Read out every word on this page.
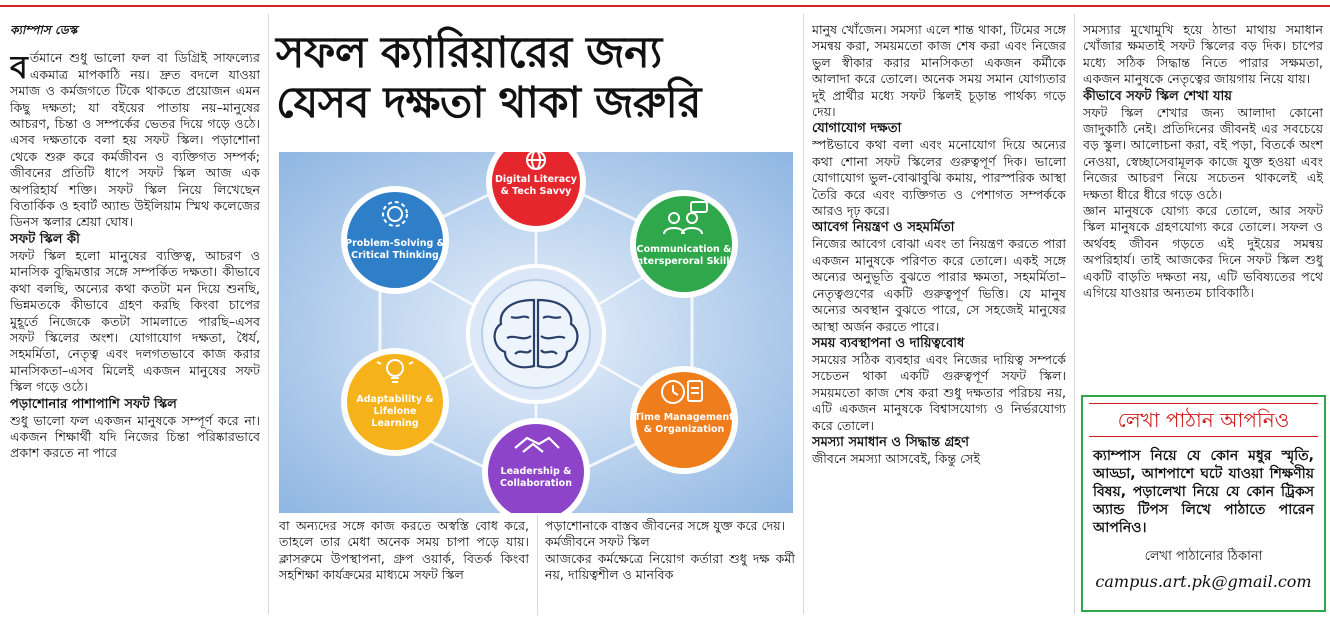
ক্যাম্পাস ডেস্ক

বর্তমানে শুধু ভালো ফল বা ডিগ্রিই সাফল্যের একমাত্র মাপকাঠি নয়। দ্রুত বদলে যাওয়া সমাজ ও কর্মজগতে টিকে থাকতে প্রয়োজন এমন কিছু দক্ষতা; যা বইয়ের পাতায় নয়–মানুষের আচরণ, চিন্তা ও সম্পর্কের ভেতর দিয়ে গড়ে ওঠে। এসব দক্ষতাকে বলা হয় সফট স্কিল। পড়াশোনা থেকে শুরু করে কর্মজীবন ও ব্যক্তিগত সম্পর্ক; জীবনের প্রতিটি ধাপে সফট স্কিল আজ এক অপরিহার্য শক্তি। সফট স্কিল নিয়ে লিখেছেন বিতার্কিক ও হবার্ট অ্যান্ড উইলিয়াম স্মিথ কলেজের ডিনস স্কলার শ্রেয়া ঘোষ।

সফট স্কিল কী

সফট স্কিল হলো মানুষের ব্যক্তিত্ব, আচরণ ও মানসিক বুদ্ধিমত্তার সঙ্গে সম্পর্কিত দক্ষতা। কীভাবে কথা বলছি, অন্যের কথা কতটা মন দিয়ে শুনছি, ভিন্নমতকে কীভাবে গ্রহণ করছি কিংবা চাপের মুহূর্তে নিজেকে কতটা সামলাতে পারছি–এসব সফট স্কিলের অংশ। যোগাযোগ দক্ষতা, ধৈর্য, সহমর্মিতা, নেতৃত্ব এবং দলগতভাবে কাজ করার মানসিকতা–এসব মিলেই একজন মানুষের সফট স্কিল গড়ে ওঠে।

পড়াশোনার পাশাপাশি সফট স্কিল

শুধু ভালো ফল একজন মানুষকে সম্পূর্ণ করে না। একজন শিক্ষার্থী যদি নিজের চিন্তা পরিষ্কারভাবে প্রকাশ করতে না পারে

সফল ক্যারিয়ারের জন্য
যেসব দক্ষতা থাকা জরুরি
Digital Literacy
& Tech Savvy
Communication &
Intersperoral Skills
Time Management
& Organization
Leadership &
Collaboration
Adaptability &
Lifelone
Learning
Problem-Solving &
Critical Thinking

বা অন্যদের সঙ্গে কাজ করতে অস্বস্তি বোধ করে, তাহলে তার মেধা অনেক সময় চাপা পড়ে যায়। ক্লাসরুমে উপস্থাপনা, গ্রুপ ওয়ার্ক, বিতর্ক কিংবা সহশিক্ষা কার্যক্রমের মাধ্যমে সফট স্কিল

পড়াশোনাকে বাস্তব জীবনের সঙ্গে যুক্ত করে দেয়।

কর্মজীবনে সফট স্কিল

আজকের কর্মক্ষেত্রে নিয়োগ কর্তারা শুধু দক্ষ কর্মী নয়, দায়িত্বশীল ও মানবিক

মানুষ খোঁজেন। সমস্যা এলে শান্ত থাকা, টিমের সঙ্গে সমন্বয় করা, সময়মতো কাজ শেষ করা এবং নিজের ভুল স্বীকার করার মানসিকতা একজন কর্মীকে আলাদা করে তোলে। অনেক সময় সমান যোগ্যতার দুই প্রার্থীর মধ্যে সফট স্কিলই চূড়ান্ত পার্থক্য গড়ে দেয়।

যোগাযোগ দক্ষতা

স্পষ্টভাবে কথা বলা এবং মনোযোগ দিয়ে অন্যের কথা শোনা সফট স্কিলের গুরুত্বপূর্ণ দিক। ভালো যোগাযোগ ভুল-বোঝাবুঝি কমায়, পারস্পরিক আস্থা তৈরি করে এবং ব্যক্তিগত ও পেশাগত সম্পর্ককে আরও দৃঢ় করে।

আবেগ নিয়ন্ত্রণ ও সহমর্মিতা

নিজের আবেগ বোঝা এবং তা নিয়ন্ত্রণ করতে পারা একজন মানুষকে পরিণত করে তোলে। একই সঙ্গে অন্যের অনুভূতি বুঝতে পারার ক্ষমতা, সহমর্মিতা–নেতৃত্বগুণের একটি গুরুত্বপূর্ণ ভিত্তি। যে মানুষ অন্যের অবস্থান বুঝতে পারে, সে সহজেই মানুষের আস্থা অর্জন করতে পারে।

সময় ব্যবস্থাপনা ও দায়িত্ববোধ

সময়ের সঠিক ব্যবহার এবং নিজের দায়িত্ব সম্পর্কে সচেতন থাকা একটি গুরুত্বপূর্ণ সফট স্কিল। সময়মতো কাজ শেষ করা শুধু দক্ষতার পরিচয় নয়, এটি একজন মানুষকে বিশ্বাসযোগ্য ও নির্ভরযোগ্য করে তোলে।

সমস্যা সমাধান ও সিদ্ধান্ত গ্রহণ

জীবনে সমস্যা আসবেই, কিন্তু সেই

সমস্যার মুখোমুখি হয়ে ঠান্ডা মাথায় সমাধান খোঁজার ক্ষমতাই সফট স্কিলের বড় দিক। চাপের মধ্যে সঠিক সিদ্ধান্ত নিতে পারার সক্ষমতা, একজন মানুষকে নেতৃত্বের জায়গায় নিয়ে যায়।

কীভাবে সফট স্কিল শেখা যায়

সফট স্কিল শেখার জন্য আলাদা কোনো জাদুকাঠি নেই। প্রতিদিনের জীবনই এর সবচেয়ে বড় স্কুল। আলোচনা করা, বই পড়া, বিতর্কে অংশ নেওয়া, স্বেচ্ছাসেবামূলক কাজে যুক্ত হওয়া এবং নিজের আচরণ নিয়ে সচেতন থাকলেই এই দক্ষতা ধীরে ধীরে গড়ে ওঠে।

জ্ঞান মানুষকে যোগ্য করে তোলে, আর সফট স্কিল মানুষকে গ্রহণযোগ্য করে তোলে। সফল ও অর্থবহ জীবন গড়তে এই দুইয়ের সমন্বয় অপরিহার্য। তাই আজকের দিনে সফট স্কিল শুধু একটি বাড়তি দক্ষতা নয়, এটি ভবিষ্যতের পথে এগিয়ে যাওয়ার অন্যতম চাবিকাঠি।

লেখা পাঠান আপনিও
ক্যাম্পাস নিয়ে যে কোন মধুর স্মৃতি, আড্ডা, আশপাশে ঘটে যাওয়া শিক্ষণীয় বিষয়, পড়ালেখা নিয়ে যে কোন ট্রিকস অ্যান্ড টিপস লিখে পাঠাতে পারেন আপনিও।
লেখা পাঠানোর ঠিকানা
campus.art.pk@gmail.com
